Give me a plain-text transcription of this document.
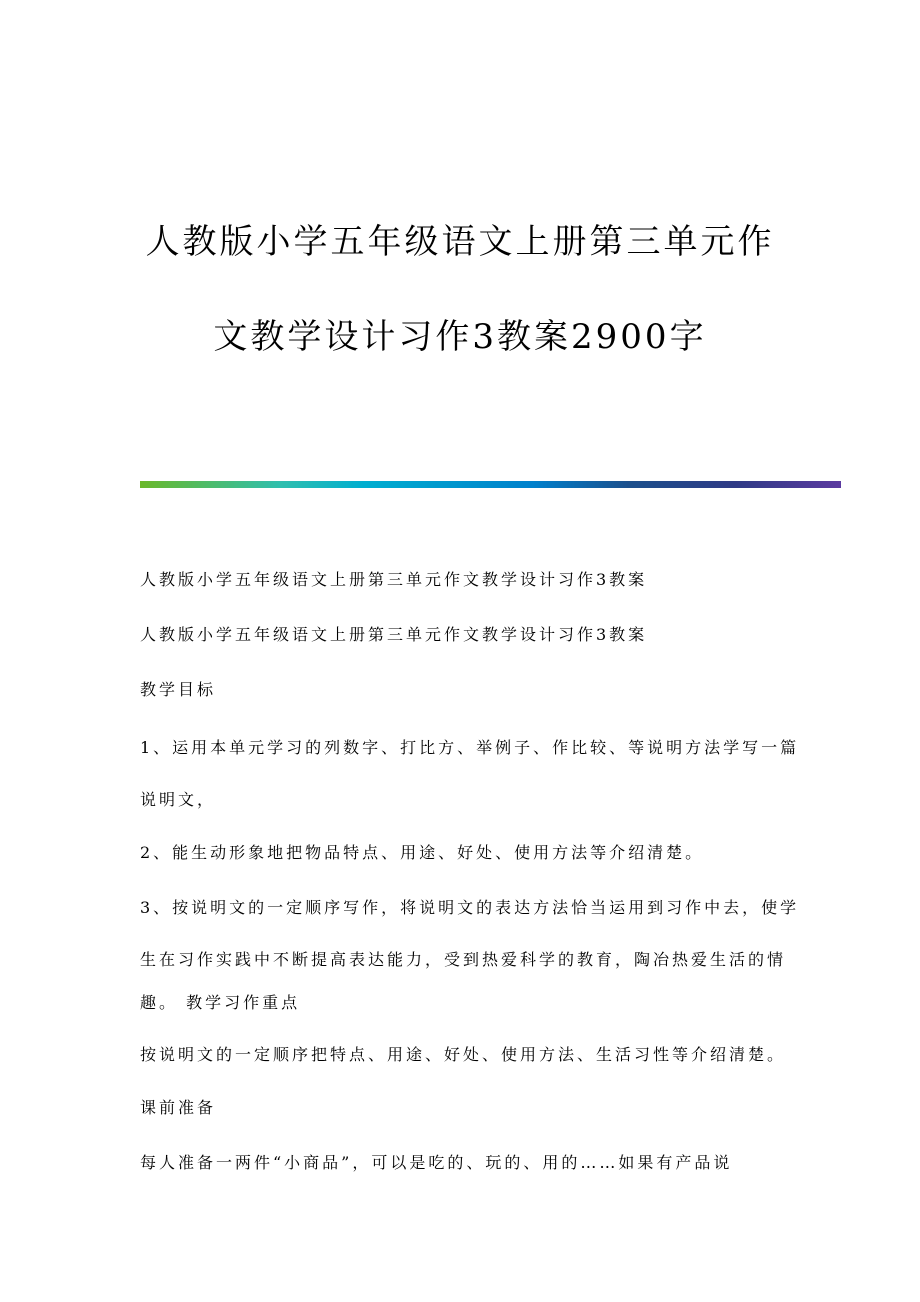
人教版小学五年级语文上册第三单元作
文教学设计习作3教案2900字
人教版小学五年级语文上册第三单元作文教学设计习作3教案
人教版小学五年级语文上册第三单元作文教学设计习作3教案
教学目标
1、运用本单元学习的列数字、打比方、举例子、作比较、等说明方法学写一篇
说明文，
2、能生动形象地把物品特点、用途、好处、使用方法等介绍清楚。
3、按说明文的一定顺序写作，将说明文的表达方法恰当运用到习作中去，使学
生在习作实践中不断提高表达能力，受到热爱科学的教育，陶冶热爱生活的情
趣。 教学习作重点
按说明文的一定顺序把特点、用途、好处、使用方法、生活习性等介绍清楚。
课前准备
每人准备一两件“小商品”，可以是吃的、玩的、用的……如果有产品说
